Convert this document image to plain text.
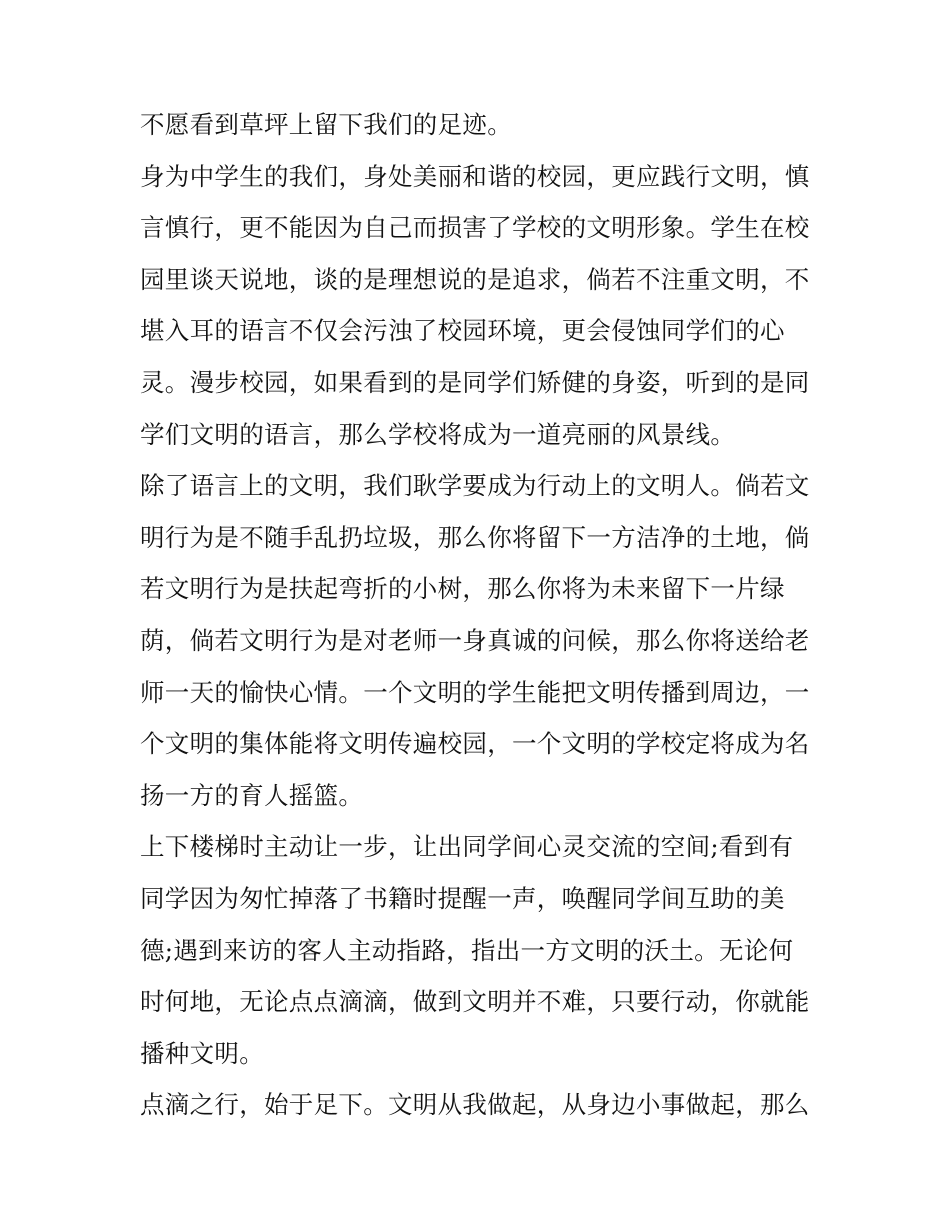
不愿看到草坪上留下我们的足迹。
身为中学生的我们，身处美丽和谐的校园，更应践行文明，慎
言慎行，更不能因为自己而损害了学校的文明形象。学生在校
园里谈天说地，谈的是理想说的是追求，倘若不注重文明，不
堪入耳的语言不仅会污浊了校园环境，更会侵蚀同学们的心
灵。漫步校园，如果看到的是同学们矫健的身姿，听到的是同
学们文明的语言，那么学校将成为一道亮丽的风景线。
除了语言上的文明，我们耿学要成为行动上的文明人。倘若文
明行为是不随手乱扔垃圾，那么你将留下一方洁净的土地，倘
若文明行为是扶起弯折的小树，那么你将为未来留下一片绿
荫，倘若文明行为是对老师一身真诚的问候，那么你将送给老
师一天的愉快心情。一个文明的学生能把文明传播到周边，一
个文明的集体能将文明传遍校园，一个文明的学校定将成为名
扬一方的育人摇篮。
上下楼梯时主动让一步，让出同学间心灵交流的空间;看到有
同学因为匆忙掉落了书籍时提醒一声，唤醒同学间互助的美
德;遇到来访的客人主动指路，指出一方文明的沃土。无论何
时何地，无论点点滴滴，做到文明并不难，只要行动，你就能
播种文明。
点滴之行，始于足下。文明从我做起，从身边小事做起，那么
